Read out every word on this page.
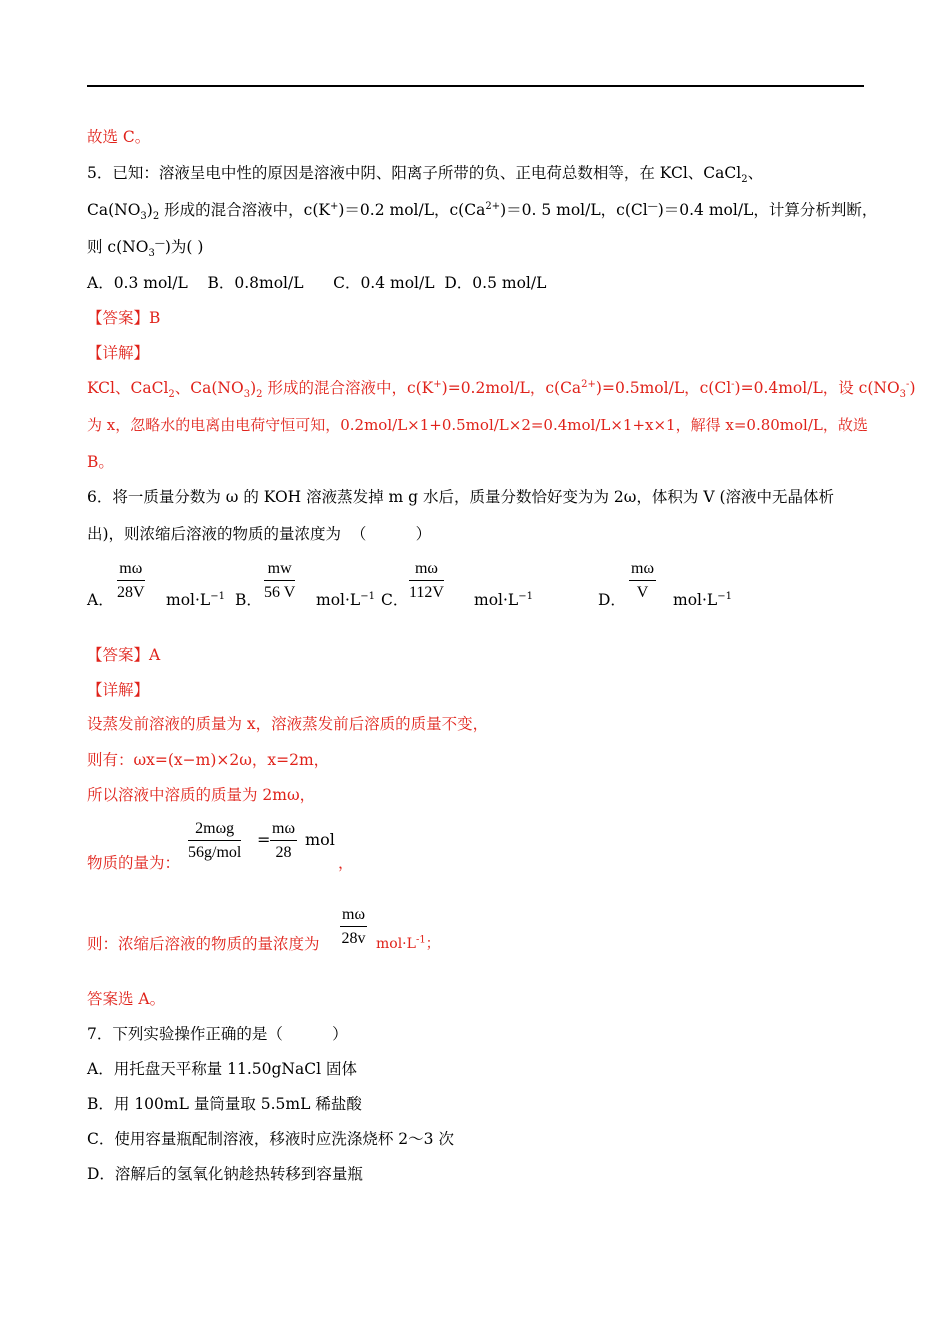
故选 C。
5．已知：溶液呈电中性的原因是溶液中阴、阳离子所带的负、正电荷总数相等，在 KCl、CaCl$_2$、
$Ca(NO_3)_2$ 形成的混合溶液中，c(K+)＝0.2 mol/L，$c(Ca^{2+})=0$. 5 mol/L，c(Cl—)＝0.4 mol/L，计算分析判断，
则 $c(NO_3^—)$为( )
A．0.3 mol/L    B．0.8mol/L      C．0.4 mol/L  D．0.5 mol/L
【答案】B
【详解】
KCl、CaCl$_2$、$Ca(NO_3)_2$ 形成的混合溶液中，c(K+)=0.2mol/L，$c(Ca^{2+})=0.5mol/L$，c(Cl-)=0.4mol/L，设 $c(NO_3^-)$
为 x，忽略水的电离由电荷守恒可知，0.2mol/L×1+0.5mol/L×2=0.4mol/L×1+x×1，解得 x=0.80mol/L，故选
B。
6．将一质量分数为 ω 的 KOH 溶液蒸发掉 m g 水后，质量分数恰好变为为 2ω，体积为 V (溶液中无晶体析
出)，则浓缩后溶液的物质的量浓度为  （          ）
A． $\frac{m\omega}{28V} mol\cdot L^{-1}$ B． $\frac{mw}{56 V} mol\cdot L^{-1}$ C． $\frac{m\omega}{112V} mol\cdot L^{-1}$	D． $\frac{m\omega}{V} mol\cdot L^{-1}$
【答案】A
【详解】
设蒸发前溶液的质量为 x，溶液蒸发前后溶质的质量不变，
则有：ωx=(x−m)×2ω，x=2m，
所以溶液中溶质的质量为 2mω，
物质的量为：
2mωg
56g/mol
= $\frac{m\omega}{28}$ mol
，
则：浓缩后溶液的物质的量浓度为 $\frac{m\omega}{28v} mol\cdot L^{-1}$；
答案选 A。
7．下列实验操作正确的是（          ）
A．用托盘天平称量 11.50gNaCl 固体
B．用 100mL 量筒量取 5.5mL 稀盐酸
C．使用容量瓶配制溶液，移液时应洗涤烧杯 2～3 次
D．溶解后的氢氧化钠趁热转移到容量瓶
